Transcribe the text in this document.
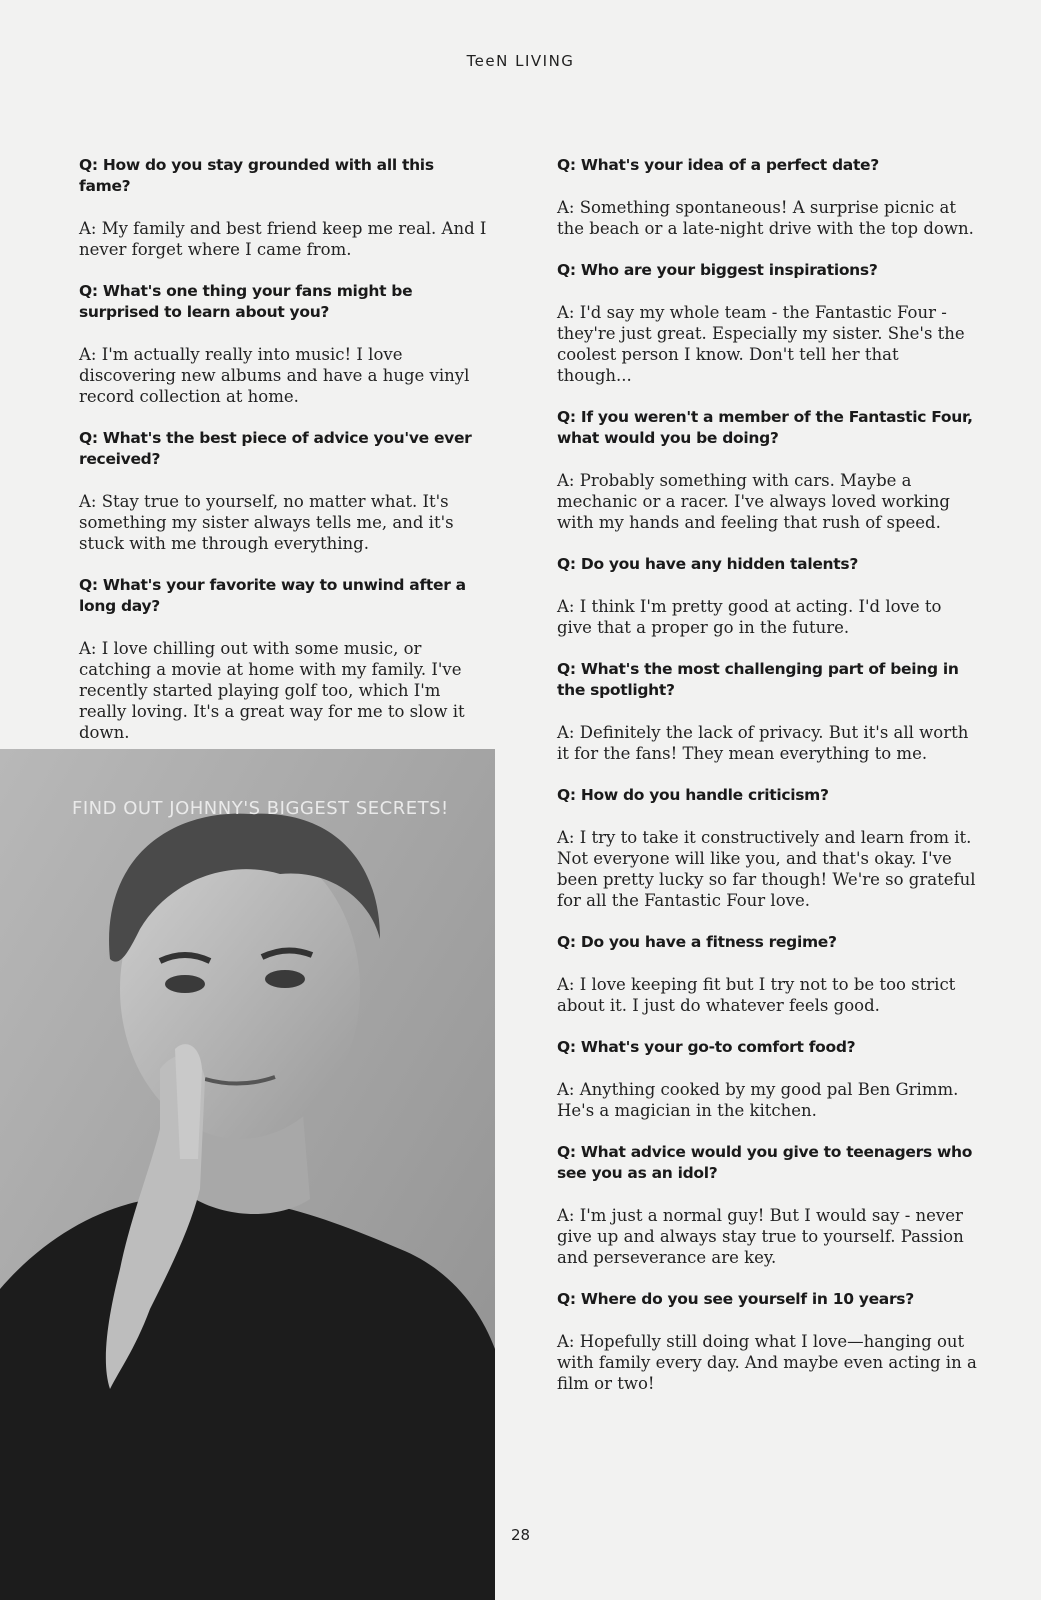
TeeN LIVING
Q: How do you stay grounded with all this fame?
A: My family and best friend keep me real. And I never forget where I came from.
Q: What's one thing your fans might be surprised to learn about you?
A: I'm actually really into music! I love discovering new albums and have a huge vinyl record collection at home.
Q: What's the best piece of advice you've ever received?
A: Stay true to yourself, no matter what. It's something my sister always tells me, and it's stuck with me through everything.
Q: What's your favorite way to unwind after a long day?
A: I love chilling out with some music, or catching a movie at home with my family. I've recently started playing golf too, which I'm really loving. It's a great way for me to slow it down.
Q: What's your idea of a perfect date?
A: Something spontaneous! A surprise picnic at the beach or a late-night drive with the top down.
Q: Who are your biggest inspirations?
A: I'd say my whole team - the Fantastic Four - they're just great. Especially my sister. She's the coolest person I know. Don't tell her that though...
Q: If you weren't a member of the Fantastic Four, what would you be doing?
A: Probably something with cars. Maybe a mechanic or a racer. I've always loved working with my hands and feeling that rush of speed.
Q: Do you have any hidden talents?
A: I think I'm pretty good at acting. I'd love to give that a proper go in the future.
Q: What's the most challenging part of being in the spotlight?
A: Definitely the lack of privacy. But it's all worth it for the fans! They mean everything to me.
Q: How do you handle criticism?
A: I try to take it constructively and learn from it. Not everyone will like you, and that's okay. I've been pretty lucky so far though! We're so grateful for all the Fantastic Four love.
Q: Do you have a fitness regime?
A: I love keeping fit but I try not to be too strict about it. I just do whatever feels good.
Q: What's your go-to comfort food?
A: Anything cooked by my good pal Ben Grimm. He's a magician in the kitchen.
Q: What advice would you give to teenagers who see you as an idol?
A: I'm just a normal guy! But I would say - never give up and always stay true to yourself. Passion and perseverance are key.
Q: Where do you see yourself in 10 years?
A: Hopefully still doing what I love—hanging out with family every day. And maybe even acting in a film or two!
FIND OUT JOHNNY'S BIGGEST SECRETS!
28
